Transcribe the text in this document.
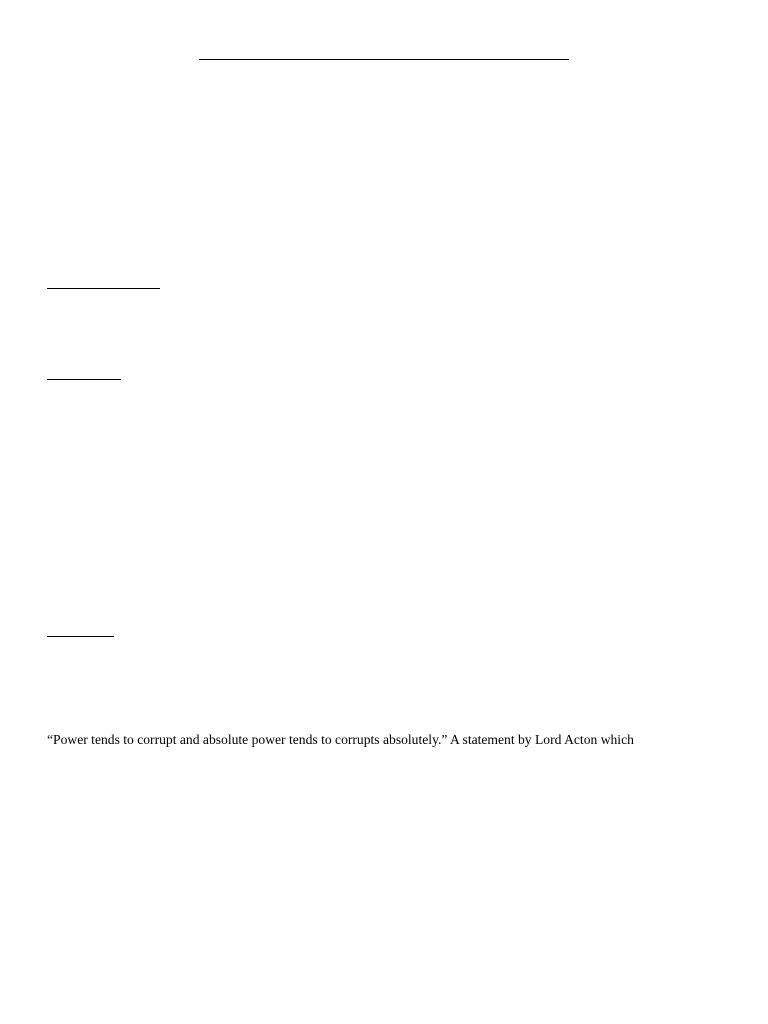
“Power tends to corrupt and absolute power tends to corrupts absolutely.” A statement by Lord Acton which
